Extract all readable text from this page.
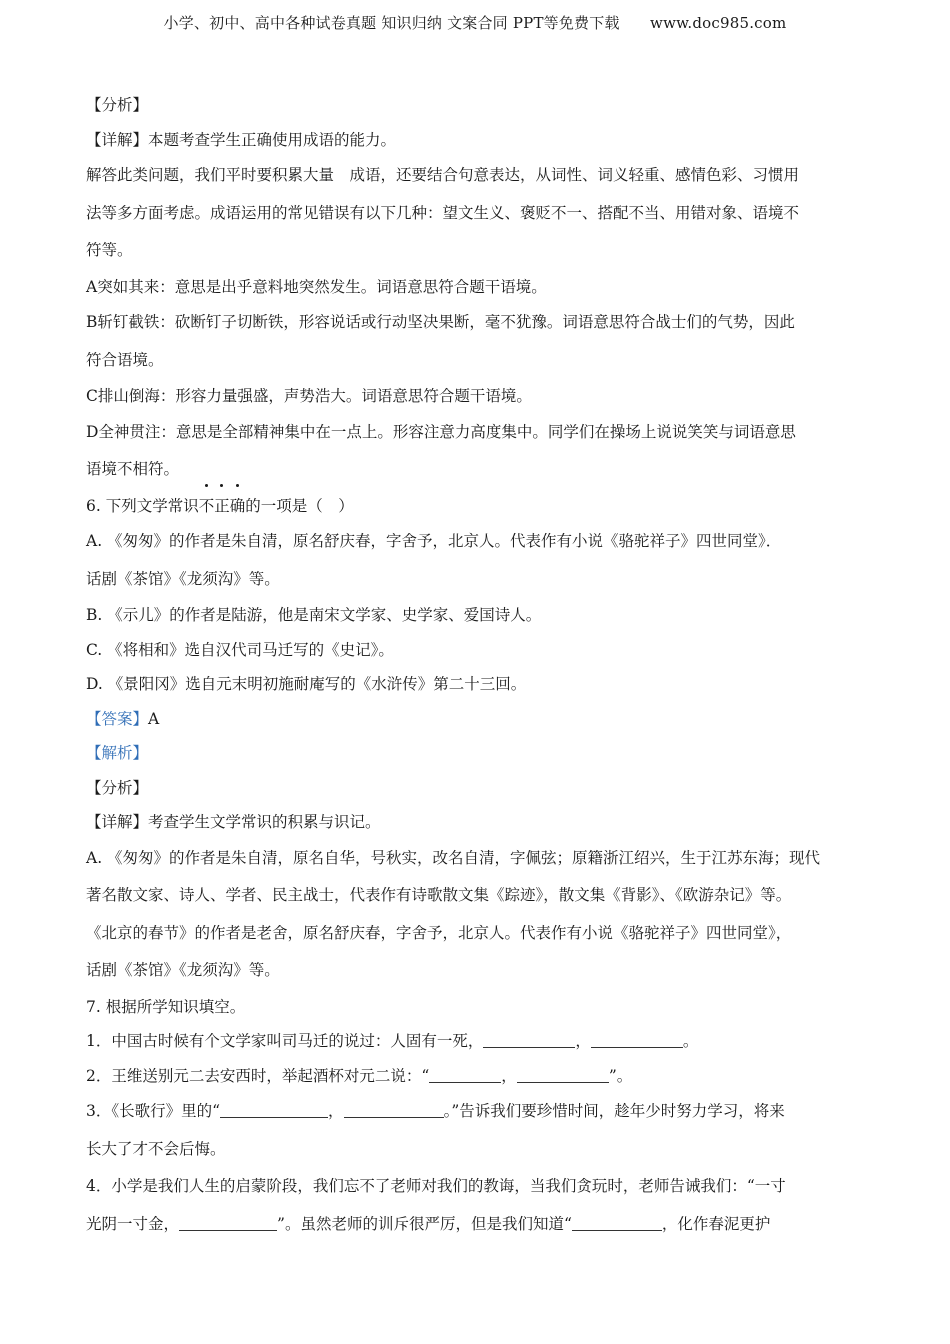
小学、初中、高中各种试卷真题 知识归纳 文案合同 PPT等免费下载　　www.doc985.com
【分析】
【详解】本题考查学生正确使用成语的能力。
解答此类问题，我们平时要积累大量　成语，还要结合句意表达，从词性、词义轻重、感情色彩、习惯用
法等多方面考虑。成语运用的常见错误有以下几种：望文生义、褒贬不一、搭配不当、用错对象、语境不
符等。
A突如其来：意思是出乎意料地突然发生。词语意思符合题干语境。
B斩钉截铁：砍断钉子切断铁，形容说话或行动坚决果断，毫不犹豫。词语意思符合战士们的气势，因此
符合语境。
C排山倒海：形容力量强盛，声势浩大。词语意思符合题干语境。
D全神贯注：意思是全部精神集中在一点上。形容注意力高度集中。同学们在操场上说说笑笑与词语意思
语境不相符。
6. 下列文学常识不正确的一项是（　）
A. 《匆匆》的作者是朱自清，原名舒庆春，字舍予，北京人。代表作有小说《骆驼祥子》四世同堂》．
话剧《茶馆》《龙须沟》等。
B. 《示儿》的作者是陆游，他是南宋文学家、史学家、爱国诗人。
C. 《将相和》选自汉代司马迁写的《史记》。
D. 《景阳冈》选自元末明初施耐庵写的《水浒传》第二十三回。
【答案】A
【解析】
【分析】
【详解】考查学生文学常识的积累与识记。
A. 《匆匆》的作者是朱自清，原名自华，号秋实，改名自清，字佩弦；原籍浙江绍兴，生于江苏东海；现代
著名散文家、诗人、学者、民主战士，代表作有诗歌散文集《踪迹》，散文集《背影》、《欧游杂记》等。
《北京的春节》的作者是老舍，原名舒庆春，字舍予，北京人。代表作有小说《骆驼祥子》四世同堂》，
话剧《茶馆》《龙须沟》等。
7. 根据所学知识填空。
1．中国古时候有个文学家叫司马迁的说过：人固有一死，	，	。
2．王维送别元二去安西时，举起酒杯对元二说：“	，	”。
3．《长歌行》里的“	，	。”告诉我们要珍惜时间，趁年少时努力学习，将来
长大了才不会后悔。
4．小学是我们人生的启蒙阶段，我们忘不了老师对我们的教诲，当我们贪玩时，老师告诫我们：“一寸
光阴一寸金，	”。虽然老师的训斥很严厉，但是我们知道“	，化作春泥更护
